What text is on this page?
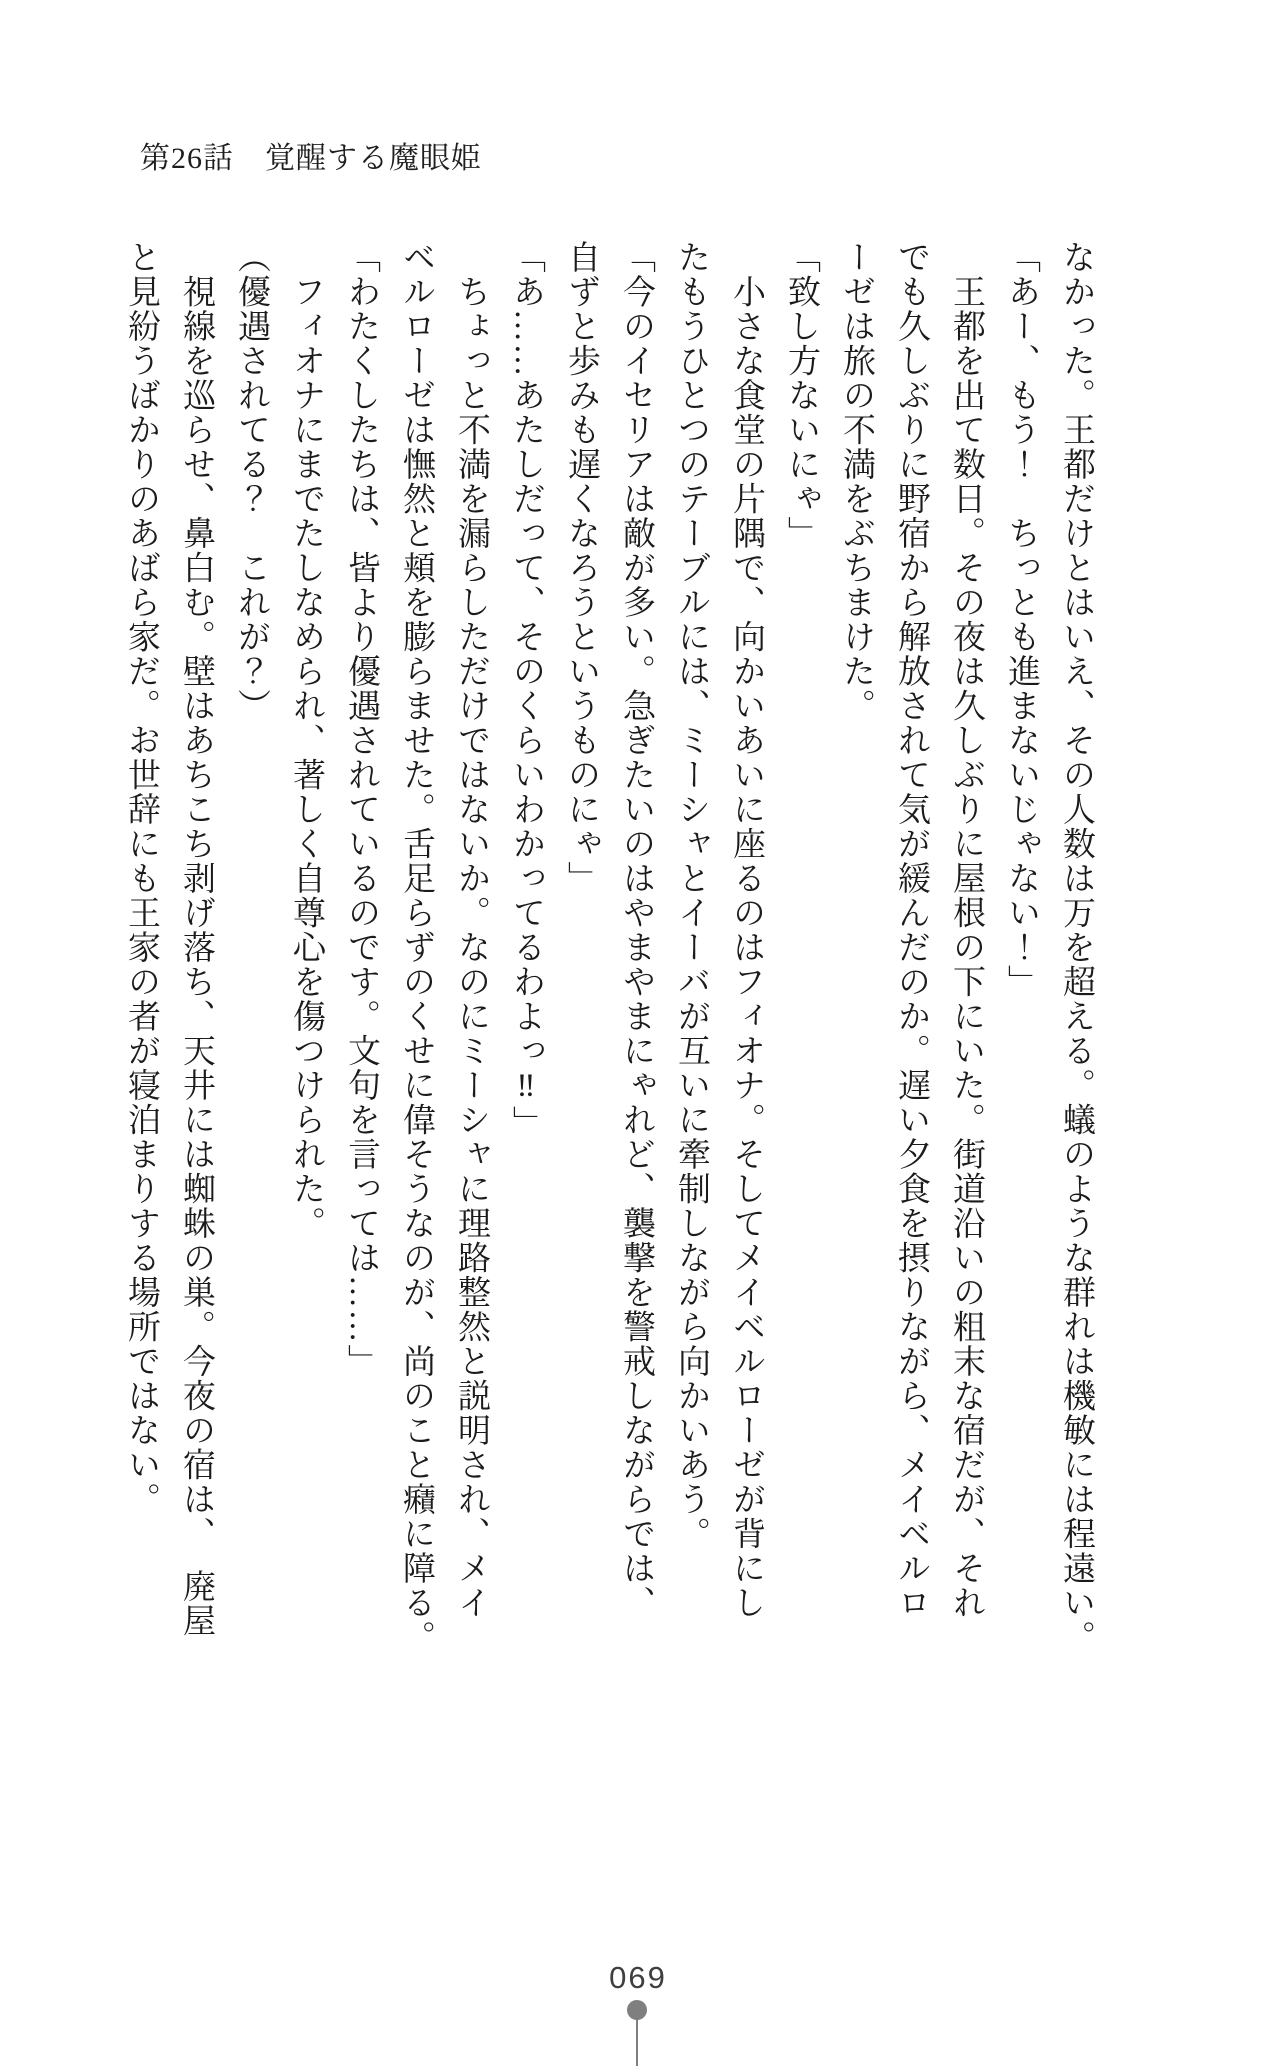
第26話　覚醒する魔眼姫
なかった。王都だけとはいえ、その人数は万を超える。蟻のような群れは機敏には程遠い。
「あー、もう！　ちっとも進まないじゃない！」
　王都を出て数日。その夜は久しぶりに屋根の下にいた。街道沿いの粗末な宿だが、それ
でも久しぶりに野宿から解放されて気が緩んだのか。遅い夕食を摂りながら、メイベルロ
ーゼは旅の不満をぶちまけた。
「致し方ないにゃ」
　小さな食堂の片隅で、向かいあいに座るのはフィオナ。そしてメイベルローゼが背にし
たもうひとつのテーブルには、ミーシャとイーバが互いに牽制しながら向かいあう。
「今のイセリアは敵が多い。急ぎたいのはやまやまにゃれど、襲撃を警戒しながらでは、
自ずと歩みも遅くなろうというものにゃ」
「あ……あたしだって、そのくらいわかってるわよっ‼」
　ちょっと不満を漏らしただけではないか。なのにミーシャに理路整然と説明され、メイ
ベルローゼは憮然と頬を膨らませた。舌足らずのくせに偉そうなのが、尚のこと癪に障る。
「わたくしたちは、皆より優遇されているのです。文句を言っては……」
　フィオナにまでたしなめられ、著しく自尊心を傷つけられた。
（優遇されてる？　これが？）
　視線を巡らせ、鼻白む。壁はあちこち剥げ落ち、天井には蜘蛛の巣。今夜の宿は、　廃屋
と見紛うばかりのあばら家だ。お世辞にも王家の者が寝泊まりする場所ではない。
069
